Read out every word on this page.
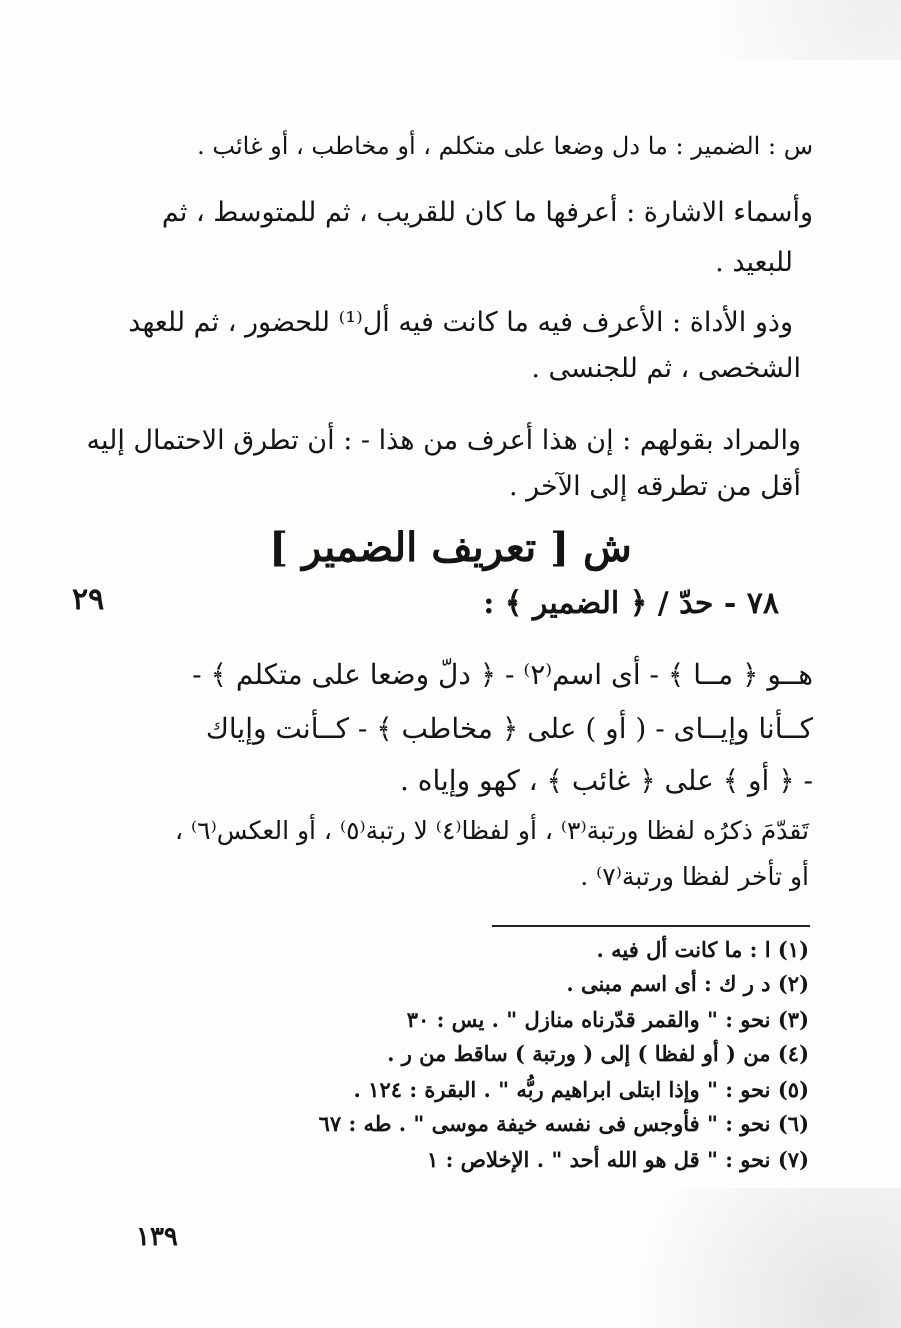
س : الضمير : ما دل وضعا على متكلم ، أو مخاطب ، أو غائب .
وأسماء الاشارة : أعرفها ما كان للقريب ، ثم للمتوسط ، ثم
للبعيد .
وذو الأداة : الأعرف فيه ما كانت فيه أل⁽¹⁾ للحضور ، ثم للعهد
الشخصى ، ثم للجنسى .
والمراد بقولهم : إن هذا أعرف من هذا - : أن تطرق الاحتمال إليه
أقل من تطرقه إلى الآخر .
ش [ تعريف الضمير ]
٢٩	٧٨ - حدّ / ﴿ الضمير ﴾ :
هــو ﴿ مــا ﴾ - أى اسم⁽٢⁾ - ﴿ دلّ وضعا على متكلم ﴾ -
كــأنا وإيــاى - ( أو ) على ﴿ مخاطب ﴾ - كــأنت وإياك
- ﴿ أو ﴾ على ﴿ غائب ﴾ ، كهو وإياه .
تَقدّمَ ذكرُه لفظا ورتبة⁽٣⁾ ، أو لفظا⁽٤⁾ لا رتبة⁽٥⁾ ، أو العكس⁽٦⁾ ،
أو تأخر لفظا ورتبة⁽٧⁾ .
(١) ا : ما كانت أل فيه .
(٢) د ر ك : أى اسم مبنى .
(٣) نحو : " والقمر قدّرناه منازل " . يس : ٣٠
(٤) من ( أو لفظا ) إلى ( ورتبة ) ساقط من ر .
(٥) نحو : " وإذا ابتلى ابراهيم ربُّه " . البقرة : ١٢٤ .
(٦) نحو : " فأوجس فى نفسه خيفة موسى " . طه : ٦٧
(٧) نحو : " قل هو الله أحد " . الإخلاص : ١
١٣٩
